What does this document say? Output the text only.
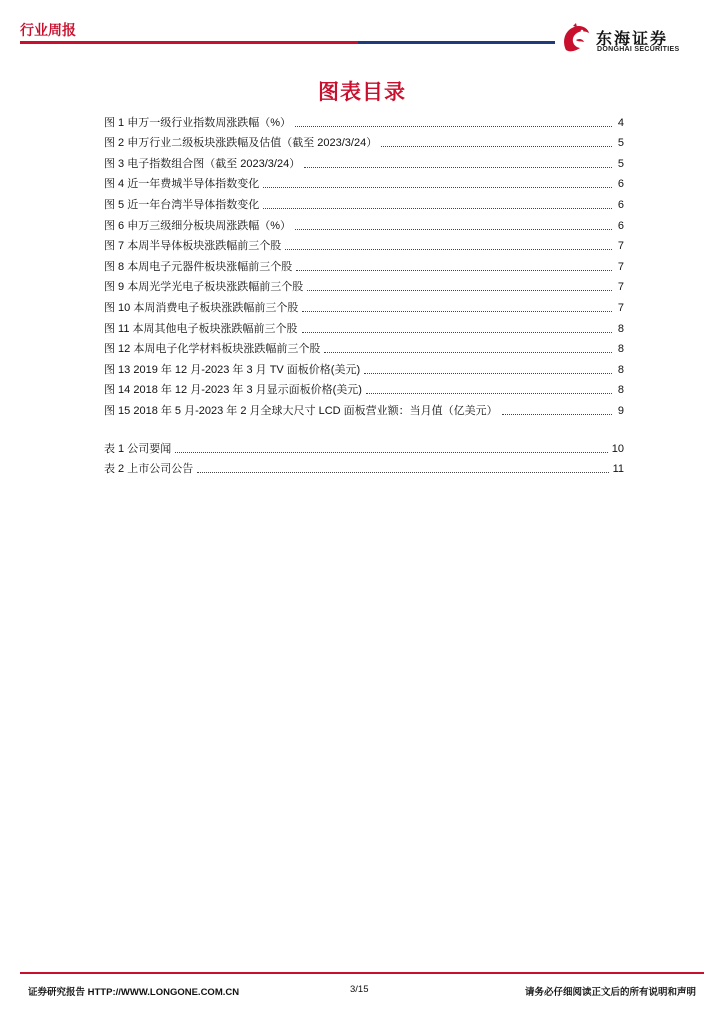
行业周报
东海证券
DONGHAI SECURITIES
图表目录
图 1 申万一级行业指数周涨跌幅（%）	4
图 2 申万行业二级板块涨跌幅及估值（截至 2023/3/24）	5
图 3 电子指数组合图（截至 2023/3/24）	5
图 4 近一年费城半导体指数变化	6
图 5 近一年台湾半导体指数变化	6
图 6 申万三级细分板块周涨跌幅（%）	6
图 7 本周半导体板块涨跌幅前三个股	7
图 8 本周电子元器件板块涨幅前三个股	7
图 9 本周光学光电子板块涨跌幅前三个股	7
图 10 本周消费电子板块涨跌幅前三个股	7
图 11 本周其他电子板块涨跌幅前三个股	8
图 12 本周电子化学材料板块涨跌幅前三个股	8
图 13 2019 年 12 月-2023 年 3 月 TV 面板价格(美元)	8
图 14 2018 年 12 月-2023 年 3 月显示面板价格(美元)	8
图 15 2018 年 5 月-2023 年 2 月全球大尺寸 LCD 面板营业额：当月值（亿美元）	9
表 1 公司要闻	10
表 2 上市公司公告	11
证券研究报告 HTTP://WWW.LONGONE.COM.CN	3/15	请务必仔细阅读正文后的所有说明和声明
